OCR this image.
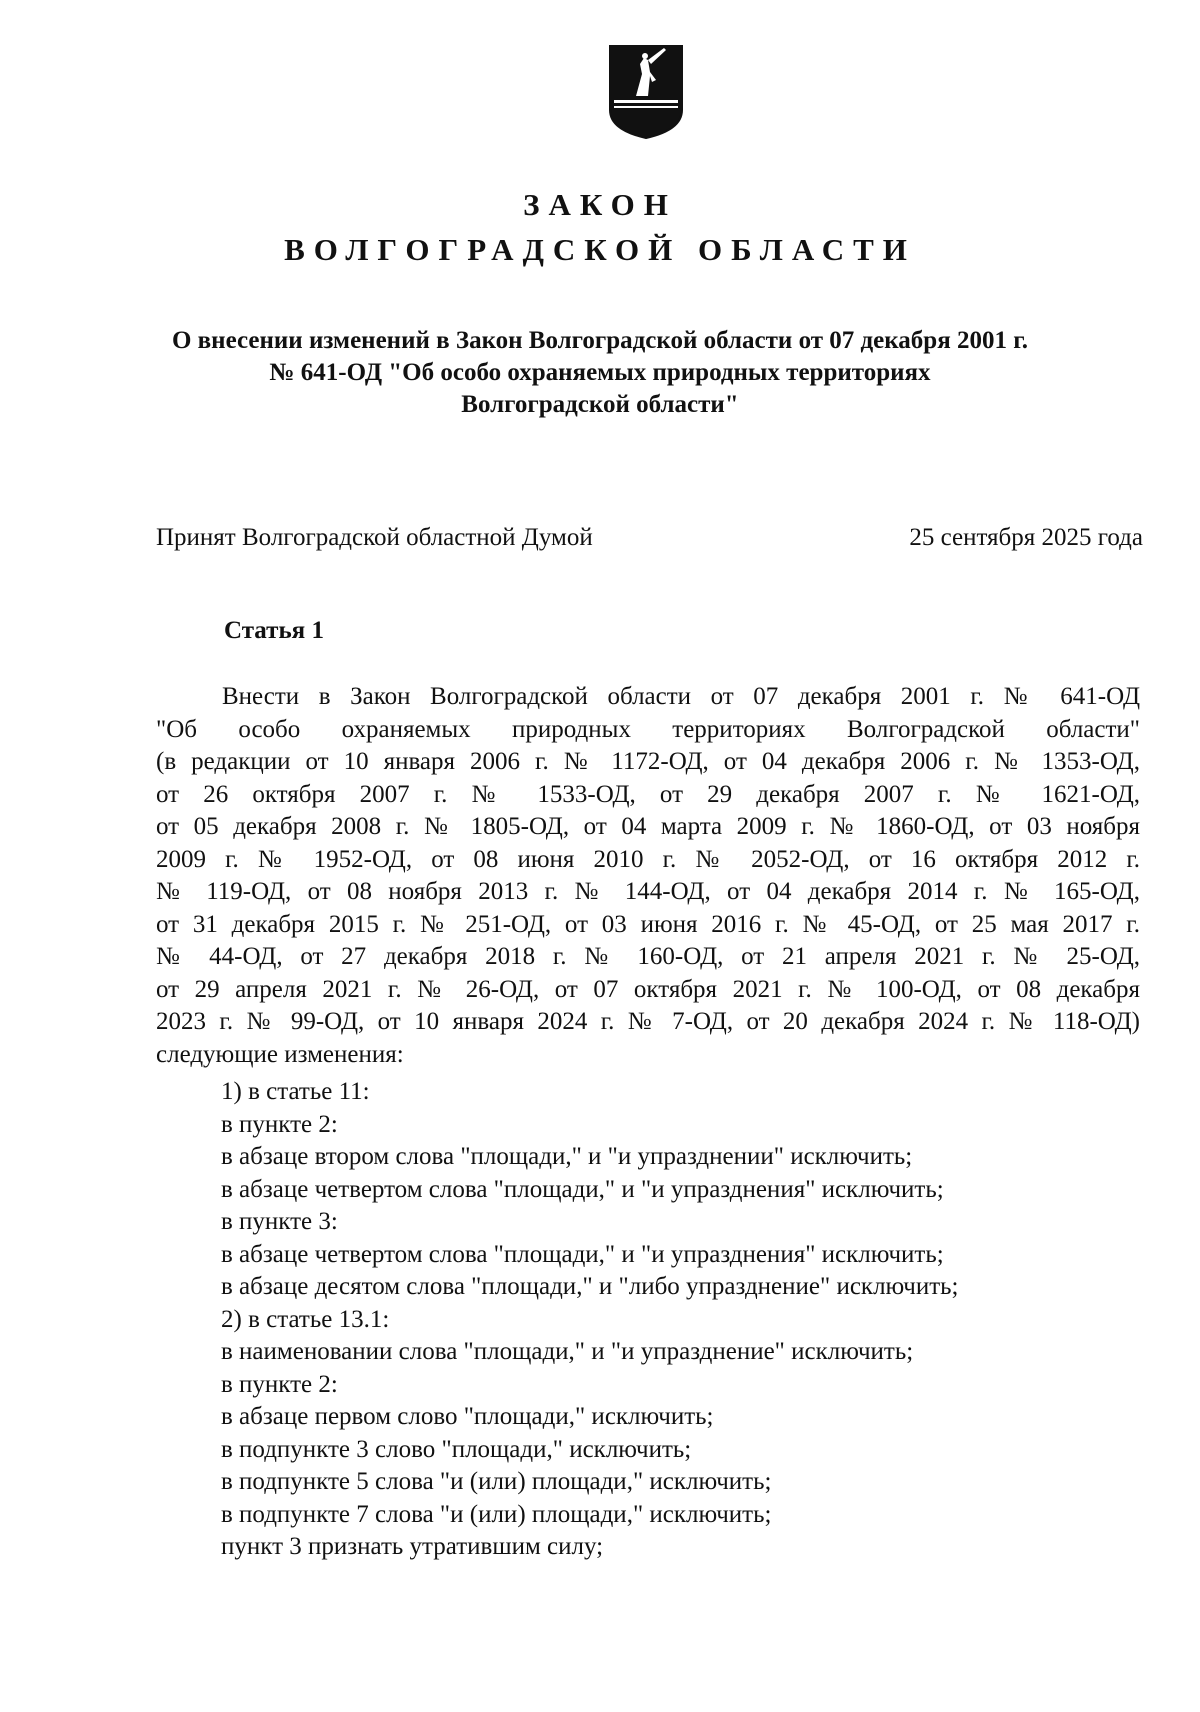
ЗАКОН
ВОЛГОГРАДСКОЙ ОБЛАСТИ
О внесении изменений в Закон Волгоградской области от 07 декабря 2001 г.
№ 641-ОД "Об особо охраняемых природных территориях
Волгоградской области"
Принят Волгоградской областной Думой	25 сентября 2025 года
Статья 1
Внести в Закон Волгоградской области от 07 декабря 2001 г. № 641-ОД
"Об особо охраняемых природных территориях Волгоградской области"
(в редакции от 10 января 2006 г. № 1172-ОД, от 04 декабря 2006 г. № 1353-ОД,
от 26 октября 2007 г. № 1533-ОД, от 29 декабря 2007 г. № 1621-ОД,
от 05 декабря 2008 г. № 1805-ОД, от 04 марта 2009 г. № 1860-ОД, от 03 ноября
2009 г. № 1952-ОД, от 08 июня 2010 г. № 2052-ОД, от 16 октября 2012 г.
№ 119-ОД, от 08 ноября 2013 г. № 144-ОД, от 04 декабря 2014 г. № 165-ОД,
от 31 декабря 2015 г. № 251-ОД, от 03 июня 2016 г. № 45-ОД, от 25 мая 2017 г.
№ 44-ОД, от 27 декабря 2018 г. № 160-ОД, от 21 апреля 2021 г. № 25-ОД,
от 29 апреля 2021 г. № 26-ОД, от 07 октября 2021 г. № 100-ОД, от 08 декабря
2023 г. № 99-ОД, от 10 января 2024 г. № 7-ОД, от 20 декабря 2024 г. № 118-ОД)
следующие изменения:
1) в статье 11:
в пункте 2:
в абзаце втором слова "площади," и "и упразднении" исключить;
в абзаце четвертом слова "площади," и "и упразднения" исключить;
в пункте 3:
в абзаце четвертом слова "площади," и "и упразднения" исключить;
в абзаце десятом слова "площади," и "либо упразднение" исключить;
2) в статье 13.1:
в наименовании слова "площади," и "и упразднение" исключить;
в пункте 2:
в абзаце первом слово "площади," исключить;
в подпункте 3 слово "площади," исключить;
в подпункте 5 слова "и (или) площади," исключить;
в подпункте 7 слова "и (или) площади," исключить;
пункт 3 признать утратившим силу;
